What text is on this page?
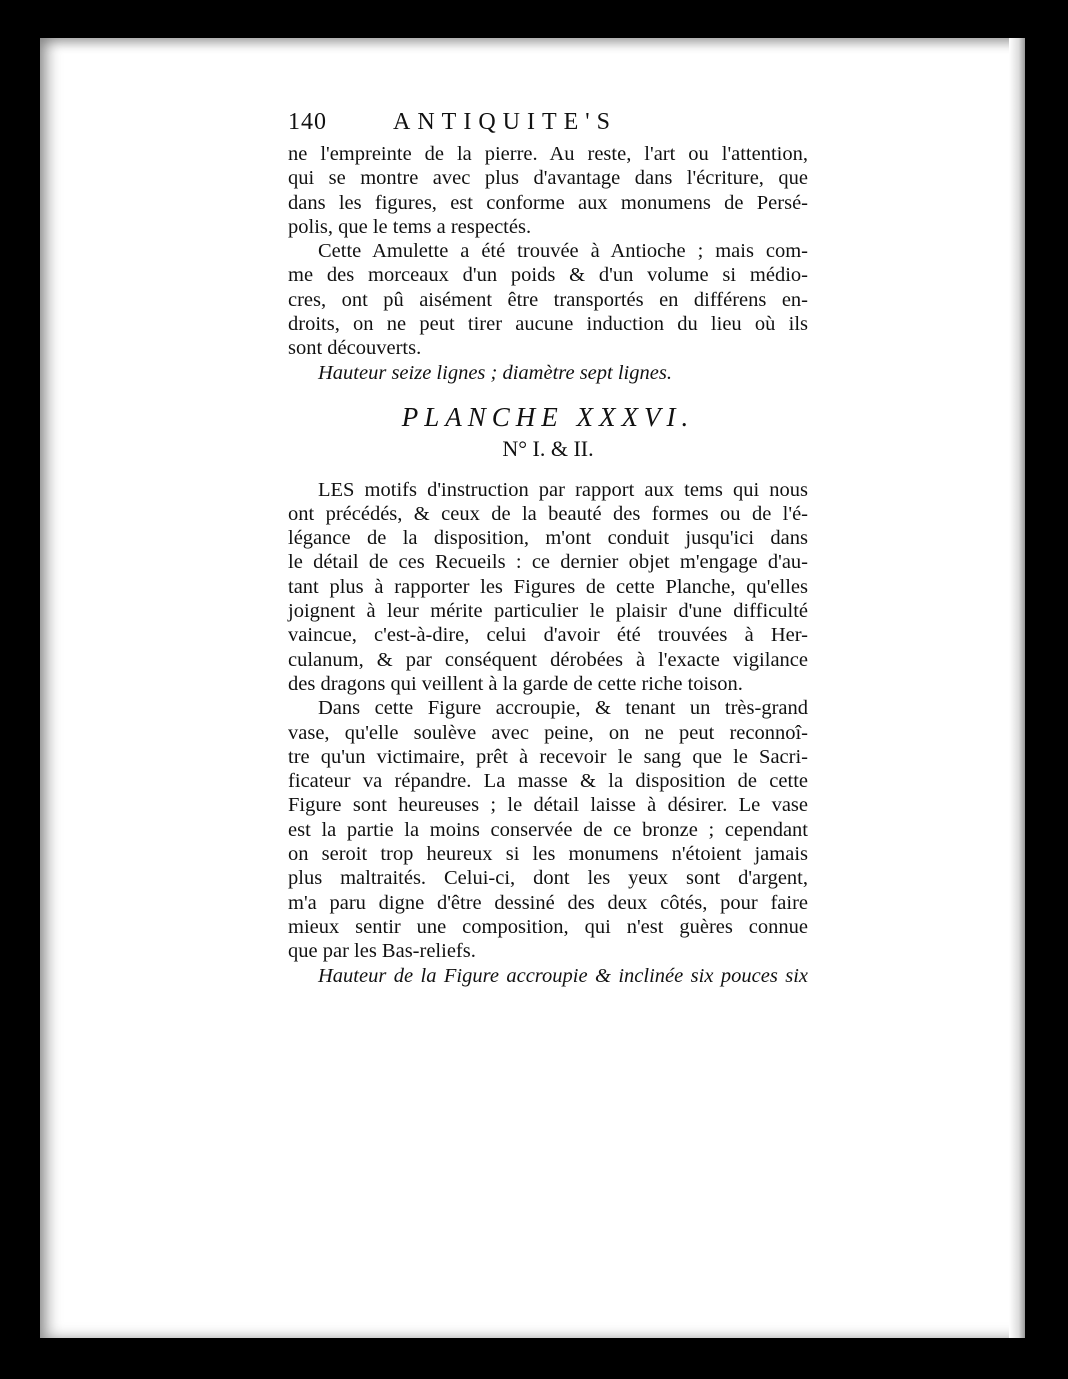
140	ANTIQUITE'S
ne l'empreinte de la pierre. Au reste, l'art ou l'attention,
qui se montre avec plus d'avantage dans l'écriture, que
dans les figures, est conforme aux monumens de Persé-
polis, que le tems a respectés.
Cette Amulette a été trouvée à Antioche ; mais com-
me des morceaux d'un poids & d'un volume si médio-
cres, ont pû aisément être transportés en différens en-
droits, on ne peut tirer aucune induction du lieu où ils
sont découverts.
Hauteur seize lignes ; diamètre sept lignes.
PLANCHE XXXVI.
N° I. & II.
LES motifs d'instruction par rapport aux tems qui nous
ont précédés, & ceux de la beauté des formes ou de l'é-
légance de la disposition, m'ont conduit jusqu'ici dans
le détail de ces Recueils : ce dernier objet m'engage d'au-
tant plus à rapporter les Figures de cette Planche, qu'elles
joignent à leur mérite particulier le plaisir d'une difficulté
vaincue, c'est-à-dire, celui d'avoir été trouvées à Her-
culanum, & par conséquent dérobées à l'exacte vigilance
des dragons qui veillent à la garde de cette riche toison.
Dans cette Figure accroupie, & tenant un très-grand
vase, qu'elle soulève avec peine, on ne peut reconnoî-
tre qu'un victimaire, prêt à recevoir le sang que le Sacri-
ficateur va répandre. La masse & la disposition de cette
Figure sont heureuses ; le détail laisse à désirer. Le vase
est la partie la moins conservée de ce bronze ; cependant
on seroit trop heureux si les monumens n'étoient jamais
plus maltraités. Celui-ci, dont les yeux sont d'argent,
m'a paru digne d'être dessiné des deux côtés, pour faire
mieux sentir une composition, qui n'est guères connue
que par les Bas-reliefs.
Hauteur de la Figure accroupie & inclinée six pouces six
